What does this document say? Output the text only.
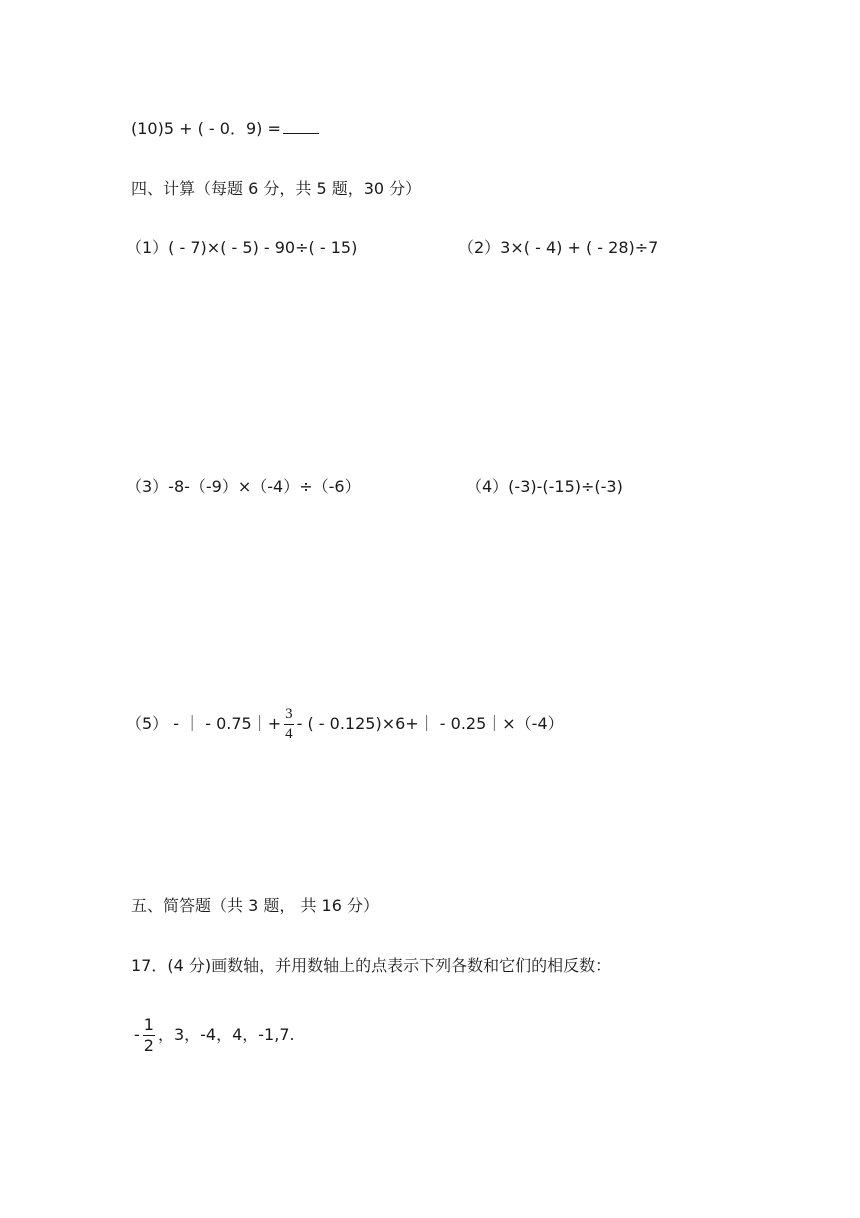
(10)5 + ( - 0．9) =
四、计算（每题 6 分，共 5 题，30 分）
（1）( - 7)×( - 5) - 90÷( - 15)	（2）3×( - 4) + ( - 28)÷7
（3）-8-（-9）×（-4）÷（-6）	（4）(-3)-(-15)÷(-3)
（5） - ｜ - 0.75｜+ $\frac{3}{4}$ - ( - 0.125)×6+｜ - 0.25｜×（-4）
五、简答题（共 3 题， 共 16 分）
17．(4 分)画数轴，并用数轴上的点表示下列各数和它们的相反数：
- $\frac{1}{2}$ ，3，-4，4，-1,7.
